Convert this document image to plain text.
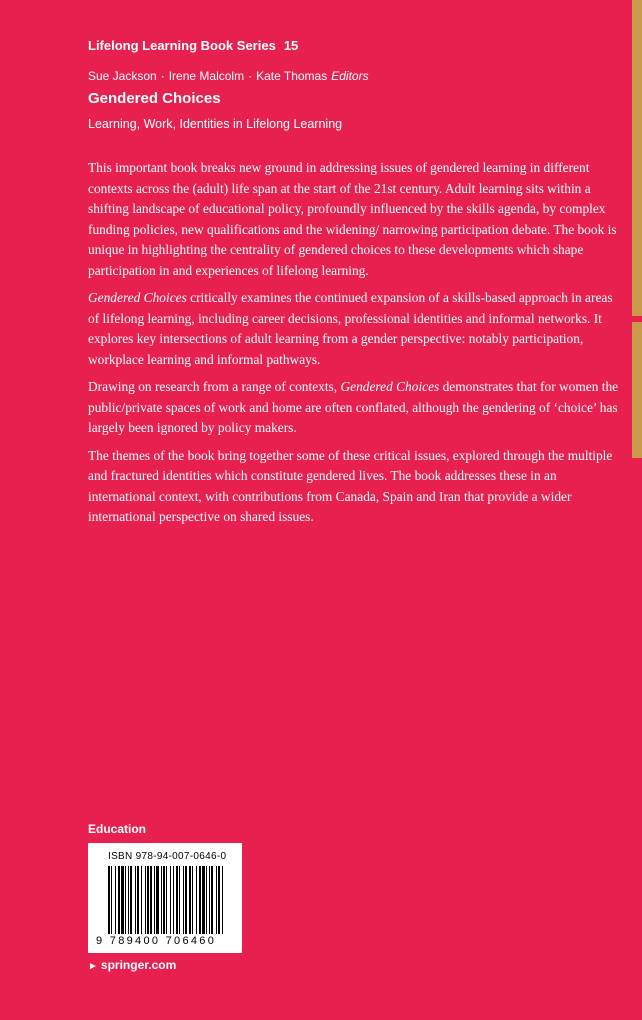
Lifelong Learning Book Series 15
Sue Jackson · Irene Malcolm · Kate Thomas Editors
Gendered Choices
Learning, Work, Identities in Lifelong Learning

This important book breaks new ground in addressing issues of gendered learning in different contexts across the (adult) life span at the start of the 21st century. Adult learning sits within a shifting landscape of educational policy, profoundly influenced by the skills agenda, by complex funding policies, new qualifications and the widening/ narrowing participation debate. The book is unique in highlighting the centrality of gendered choices to these developments which shape participation in and experiences of lifelong learning.

Gendered Choices critically examines the continued expansion of a skills-based approach in areas of lifelong learning, including career decisions, professional identities and informal networks. It explores key intersections of adult learning from a gender perspective: notably participation, workplace learning and informal pathways.

Drawing on research from a range of contexts, Gendered Choices demonstrates that for women the public/private spaces of work and home are often conflated, although the gendering of ‘choice’ has largely been ignored by policy makers.

The themes of the book bring together some of these critical issues, explored through the multiple and fractured identities which constitute gendered lives. The book addresses these in an international context, with contributions from Canada, Spain and Iran that provide a wider international perspective on shared issues.

Education
ISBN 978-94-007-0646-0
9 789400 706460
► springer.com
